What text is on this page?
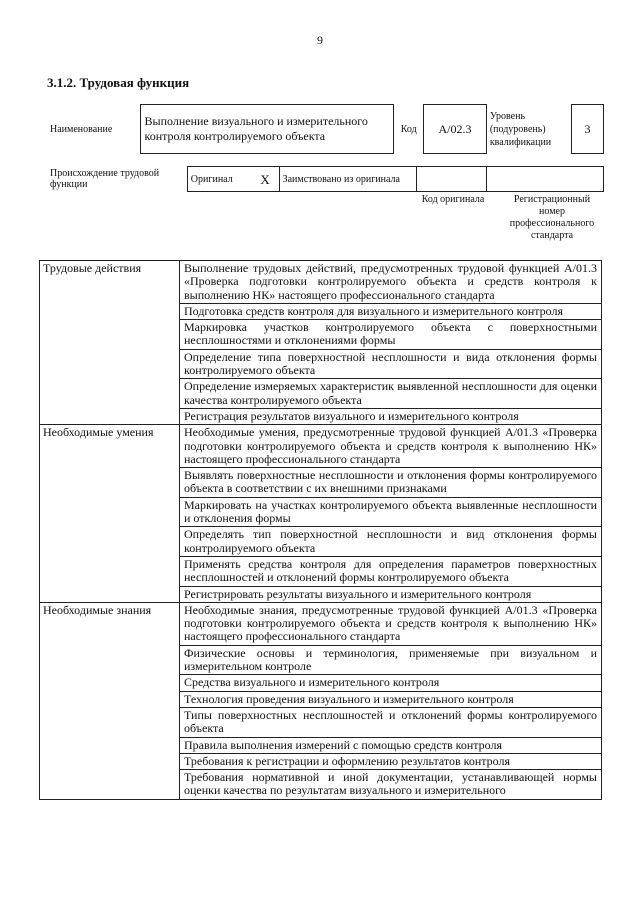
9
3.1.2. Трудовая функция
Наименование	Выполнение визуального и измерительного контроля контролируемого объекта	Код	А/02.3	Уровень (подуровень) квалификации	3
Происхождение трудовой функции	Оригинал	X	Заимствовано из оригинала		
Код оригинала	Регистрационный номер профессионального стандарта
Трудовые действия	Выполнение трудовых действий, предусмотренных трудовой функцией А/01.3 «Проверка подготовки контролируемого объекта и средств контроля к выполнению НК» настоящего профессионального стандарта
	Подготовка средств контроля для визуального и измерительного контроля
	Маркировка участков контролируемого объекта с поверхностными несплошностями и отклонениями формы
	Определение типа поверхностной несплошности и вида отклонения формы контролируемого объекта
	Определение измеряемых характеристик выявленной несплошности для оценки качества контролируемого объекта
	Регистрация результатов визуального и измерительного контроля
Необходимые умения	Необходимые умения, предусмотренные трудовой функцией А/01.3 «Проверка подготовки контролируемого объекта и средств контроля к выполнению НК» настоящего профессионального стандарта
	Выявлять поверхностные несплошности и отклонения формы контролируемого объекта в соответствии с их внешними признаками
	Маркировать на участках контролируемого объекта выявленные несплошности и отклонения формы
	Определять тип поверхностной несплошности и вид отклонения формы контролируемого объекта
	Применять средства контроля для определения параметров поверхностных несплошностей и отклонений формы контролируемого объекта
	Регистрировать результаты визуального и измерительного контроля
Необходимые знания	Необходимые знания, предусмотренные трудовой функцией А/01.3 «Проверка подготовки контролируемого объекта и средств контроля к выполнению НК» настоящего профессионального стандарта
	Физические основы и терминология, применяемые при визуальном и измерительном контроле
	Средства визуального и измерительного контроля
	Технология проведения визуального и измерительного контроля
	Типы поверхностных несплошностей и отклонений формы контролируемого объекта
	Правила выполнения измерений с помощью средств контроля
	Требования к регистрации и оформлению результатов контроля
	Требования нормативной и иной документации, устанавливающей нормы оценки качества по результатам визуального и измерительного
